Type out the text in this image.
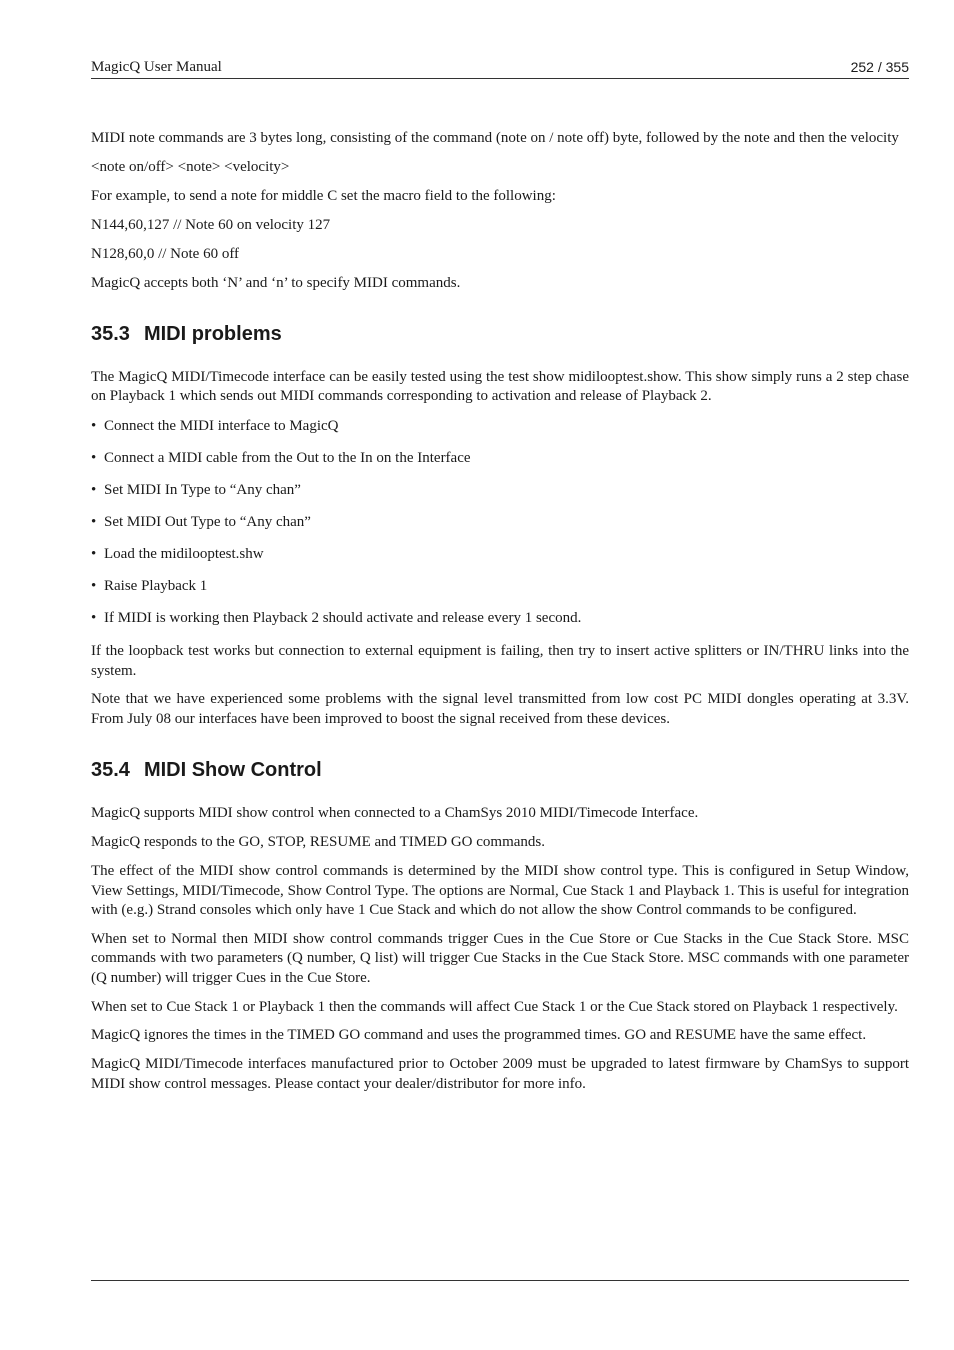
MagicQ User Manual	252 / 355

MIDI note commands are 3 bytes long, consisting of the command (note on / note off) byte, followed by the note and then the velocity

<note on/off> <note> <velocity>

For example, to send a note for middle C set the macro field to the following:

N144,60,127 // Note 60 on velocity 127

N128,60,0 // Note 60 off

MagicQ accepts both ‘N’ and ‘n’ to specify MIDI commands.

35.3 MIDI problems

The MagicQ MIDI/Timecode interface can be easily tested using the test show midilooptest.show. This show simply runs a 2 step chase on Playback 1 which sends out MIDI commands corresponding to activation and release of Playback 2.

• Connect the MIDI interface to MagicQ
• Connect a MIDI cable from the Out to the In on the Interface
• Set MIDI In Type to “Any chan”
• Set MIDI Out Type to “Any chan”
• Load the midilooptest.shw
• Raise Playback 1
• If MIDI is working then Playback 2 should activate and release every 1 second.

If the loopback test works but connection to external equipment is failing, then try to insert active splitters or IN/THRU links into the system.

Note that we have experienced some problems with the signal level transmitted from low cost PC MIDI dongles operating at 3.3V. From July 08 our interfaces have been improved to boost the signal received from these devices.

35.4 MIDI Show Control

MagicQ supports MIDI show control when connected to a ChamSys 2010 MIDI/Timecode Interface.

MagicQ responds to the GO, STOP, RESUME and TIMED GO commands.

The effect of the MIDI show control commands is determined by the MIDI show control type. This is configured in Setup Window, View Settings, MIDI/Timecode, Show Control Type. The options are Normal, Cue Stack 1 and Playback 1. This is useful for integration with (e.g.) Strand consoles which only have 1 Cue Stack and which do not allow the show Control commands to be configured.

When set to Normal then MIDI show control commands trigger Cues in the Cue Store or Cue Stacks in the Cue Stack Store. MSC commands with two parameters (Q number, Q list) will trigger Cue Stacks in the Cue Stack Store. MSC commands with one parameter (Q number) will trigger Cues in the Cue Store.

When set to Cue Stack 1 or Playback 1 then the commands will affect Cue Stack 1 or the Cue Stack stored on Playback 1 respectively.

MagicQ ignores the times in the TIMED GO command and uses the programmed times. GO and RESUME have the same effect.

MagicQ MIDI/Timecode interfaces manufactured prior to October 2009 must be upgraded to latest firmware by ChamSys to support MIDI show control messages. Please contact your dealer/distributor for more info.
